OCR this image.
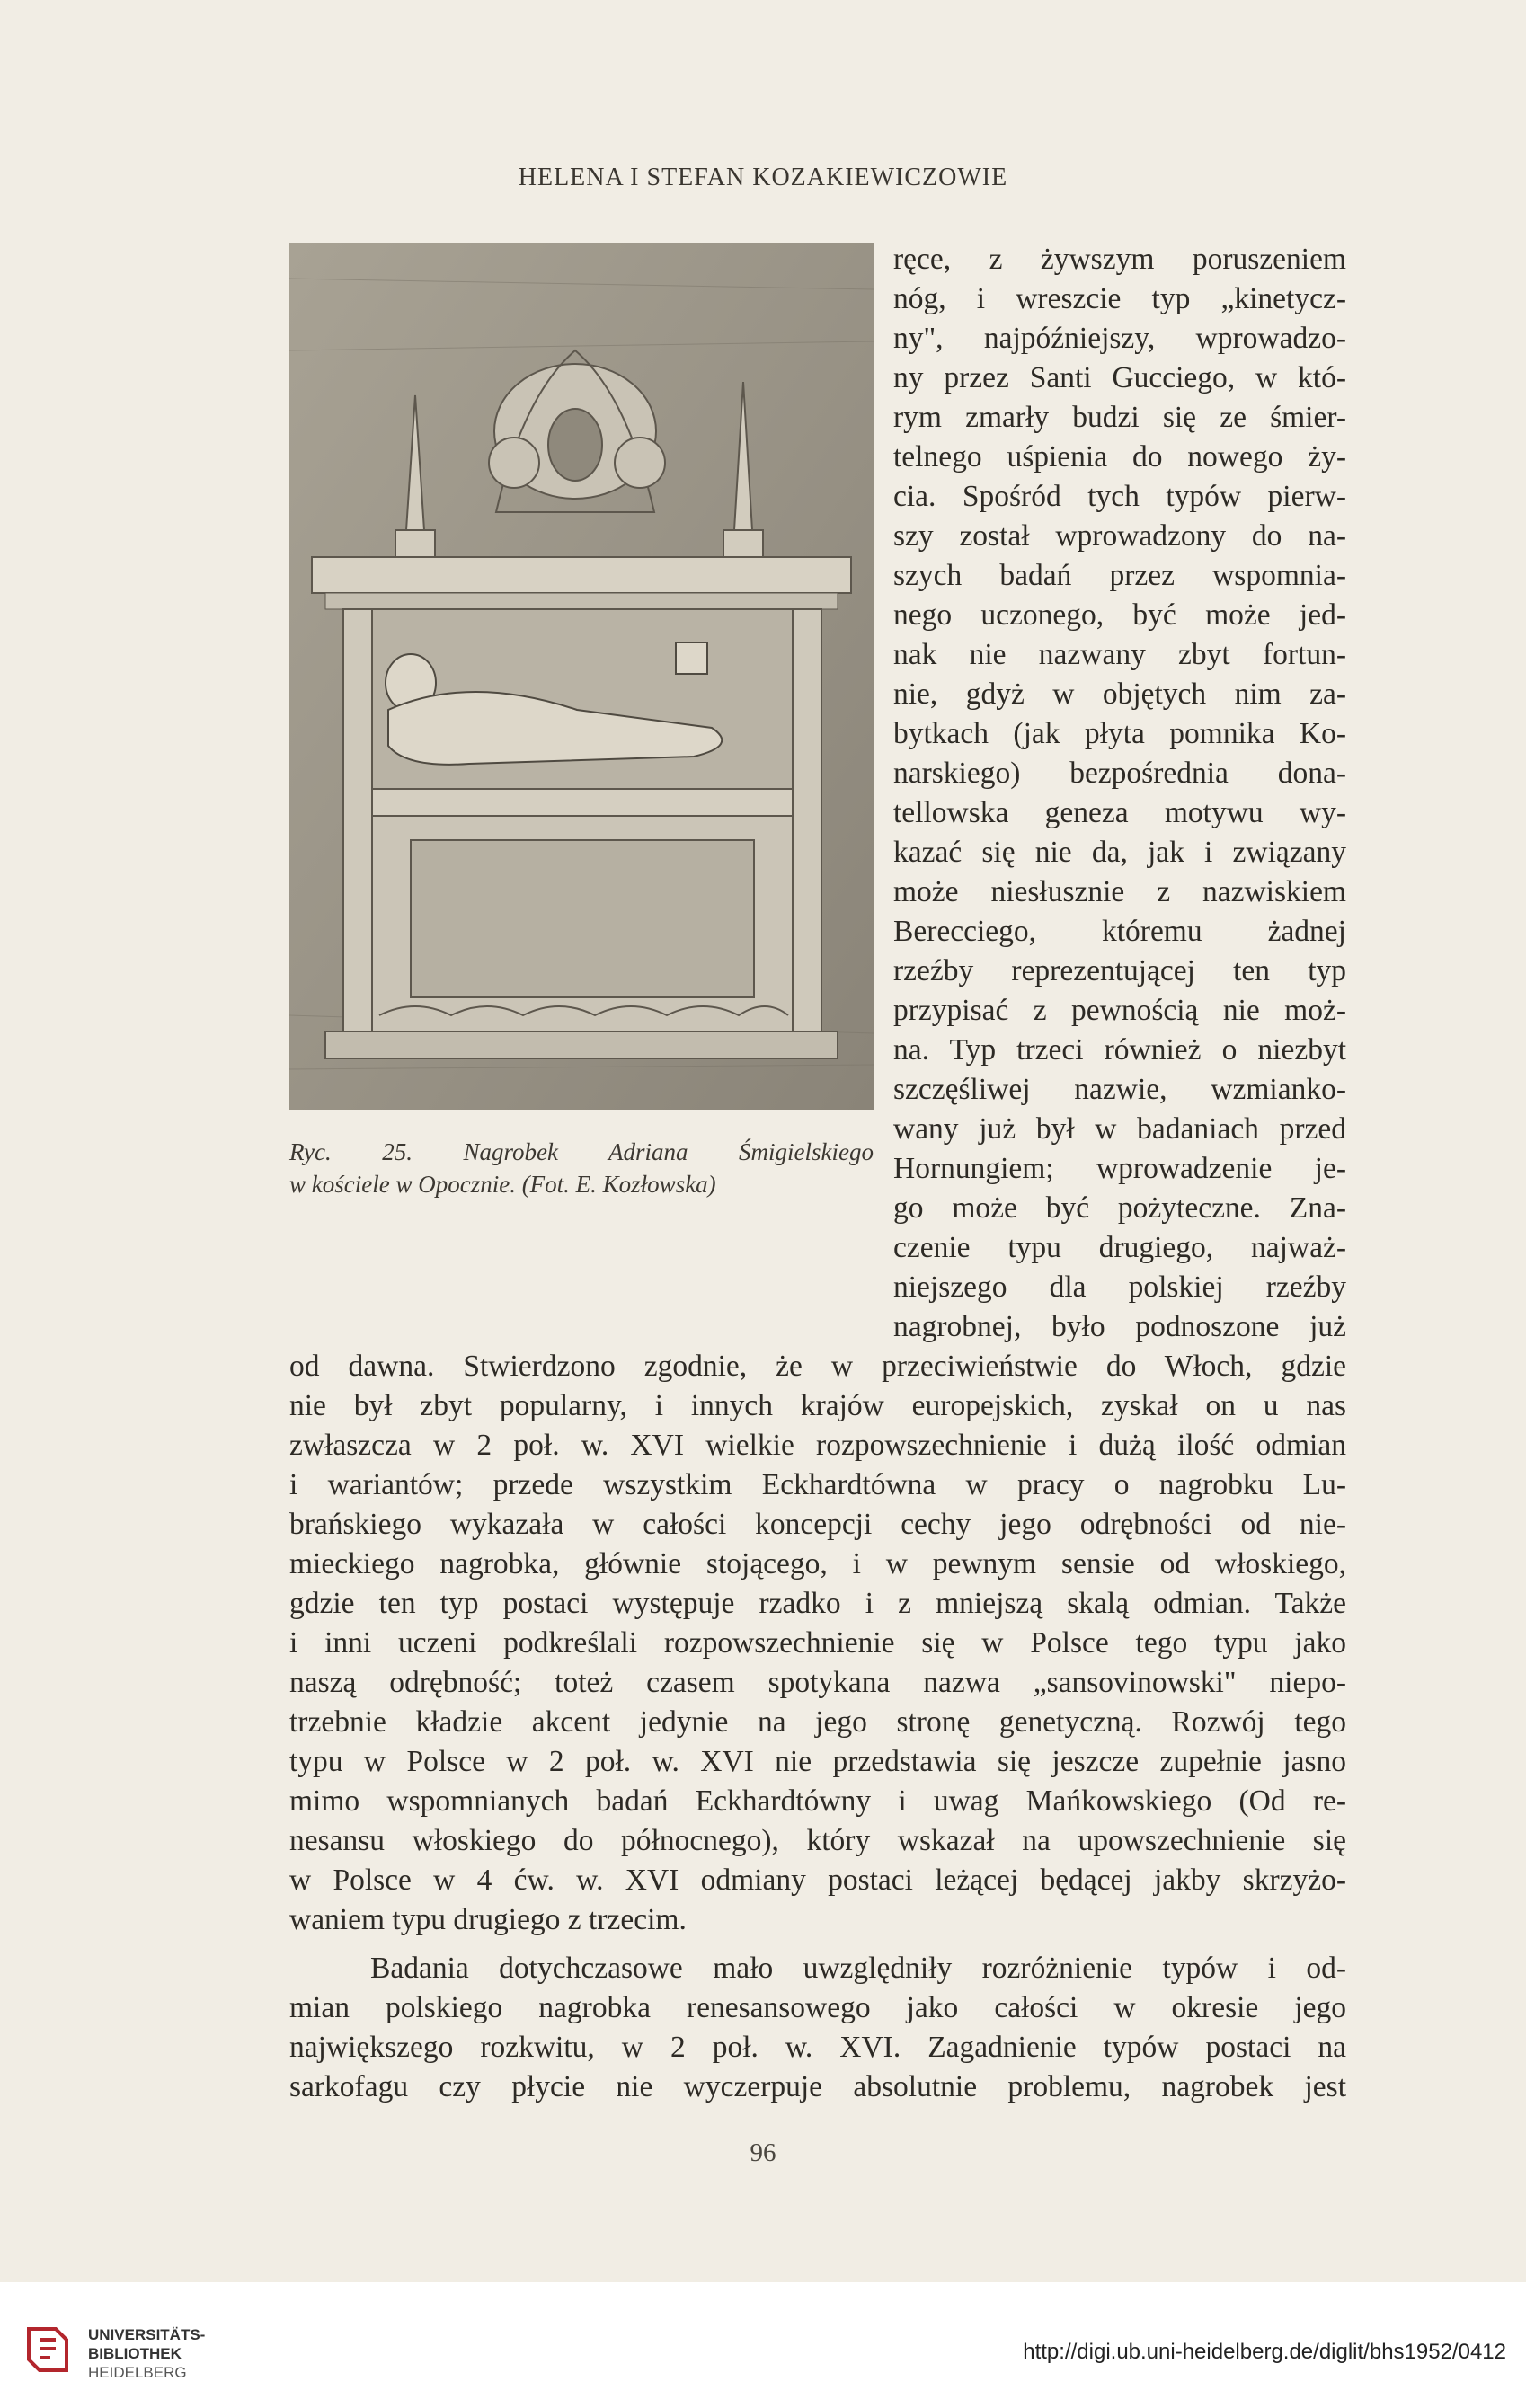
HELENA I STEFAN KOZAKIEWICZOWIE
Ryc. 25. Nagrobek Adriana Śmigielskiego
w kościele w Opocznie. (Fot. E. Kozłowska)
ręce, z żywszym poruszeniem
nóg, i wreszcie typ „kinetycz-
ny", najpóźniejszy, wprowadzo-
ny przez Santi Gucciego, w któ-
rym zmarły budzi się ze śmier-
telnego uśpienia do nowego ży-
cia. Spośród tych typów pierw-
szy został wprowadzony do na-
szych badań przez wspomnia-
nego uczonego, być może jed-
nak nie nazwany zbyt fortun-
nie, gdyż w objętych nim za-
bytkach (jak płyta pomnika Ko-
narskiego) bezpośrednia dona-
tellowska geneza motywu wy-
kazać się nie da, jak i związany
może niesłusznie z nazwiskiem
Berecciego, któremu żadnej
rzeźby reprezentującej ten typ
przypisać z pewnością nie moż-
na. Typ trzeci również o niezbyt
szczęśliwej nazwie, wzmianko-
wany już był w badaniach przed
Hornungiem; wprowadzenie je-
go może być pożyteczne. Zna-
czenie typu drugiego, najważ-
niejszego dla polskiej rzeźby
nagrobnej, było podnoszone już
od dawna. Stwierdzono zgodnie, że w przeciwieństwie do Włoch, gdzie
nie był zbyt popularny, i innych krajów europejskich, zyskał on u nas
zwłaszcza w 2 poł. w. XVI wielkie rozpowszechnienie i dużą ilość odmian
i wariantów; przede wszystkim Eckhardtówna w pracy o nagrobku Lu-
brańskiego wykazała w całości koncepcji cechy jego odrębności od nie-
mieckiego nagrobka, głównie stojącego, i w pewnym sensie od włoskiego,
gdzie ten typ postaci występuje rzadko i z mniejszą skalą odmian. Także
i inni uczeni podkreślali rozpowszechnienie się w Polsce tego typu jako
naszą odrębność; toteż czasem spotykana nazwa „sansovinowski" niepo-
trzebnie kładzie akcent jedynie na jego stronę genetyczną. Rozwój tego
typu w Polsce w 2 poł. w. XVI nie przedstawia się jeszcze zupełnie jasno
mimo wspomnianych badań Eckhardtówny i uwag Mańkowskiego (Od re-
nesansu włoskiego do północnego), który wskazał na upowszechnienie się
w Polsce w 4 ćw. w. XVI odmiany postaci leżącej będącej jakby skrzyżo-
waniem typu drugiego z trzecim.
Badania dotychczasowe mało uwzględniły rozróżnienie typów i od-
mian polskiego nagrobka renesansowego jako całości w okresie jego
największego rozkwitu, w 2 poł. w. XVI. Zagadnienie typów postaci na
sarkofagu czy płycie nie wyczerpuje absolutnie problemu, nagrobek jest
96
UNIVERSITÄTS-
BIBLIOTHEK
HEIDELBERG
http://digi.ub.uni-heidelberg.de/diglit/bhs1952/0412
